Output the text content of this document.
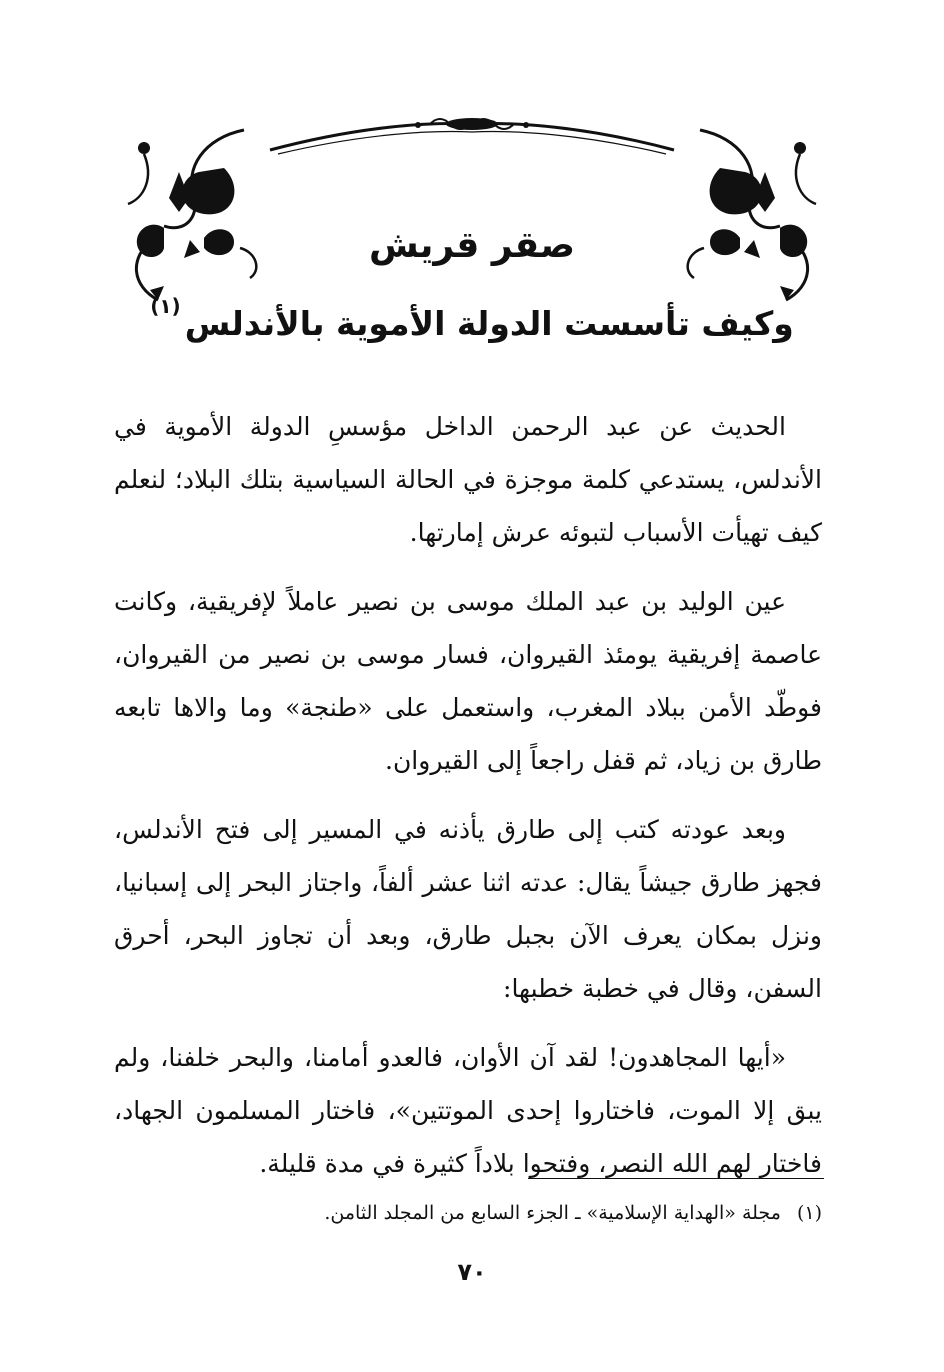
صقر قريش
وكيف تأسست الدولة الأموية بالأندلس$^{(١)}$

الحديث عن عبد الرحمن الداخل مؤسسِ الدولة الأموية في الأندلس، يستدعي كلمة موجزة في الحالة السياسية بتلك البلاد؛ لنعلم كيف تهيأت الأسباب لتبوئه عرش إمارتها.

عين الوليد بن عبد الملك موسى بن نصير عاملاً لإفريقية، وكانت عاصمة إفريقية يومئذ القيروان، فسار موسى بن نصير من القيروان، فوطّد الأمن ببلاد المغرب، واستعمل على «طنجة» وما والاها تابعه طارق بن زياد، ثم قفل راجعاً إلى القيروان.

وبعد عودته كتب إلى طارق يأذنه في المسير إلى فتح الأندلس، فجهز طارق جيشاً يقال: عدته اثنا عشر ألفاً، واجتاز البحر إلى إسبانيا، ونزل بمكان يعرف الآن بجبل طارق، وبعد أن تجاوز البحر، أحرق السفن، وقال في خطبة خطبها:

«أيها المجاهدون! لقد آن الأوان، فالعدو أمامنا، والبحر خلفنا، ولم يبق إلا الموت، فاختاروا إحدى الموتتين»، فاختار المسلمون الجهاد، فاختار لهم الله النصر، وفتحوا بلاداً كثيرة في مدة قليلة.

(١) مجلة «الهداية الإسلامية» ـ الجزء السابع من المجلد الثامن.
٧٠
